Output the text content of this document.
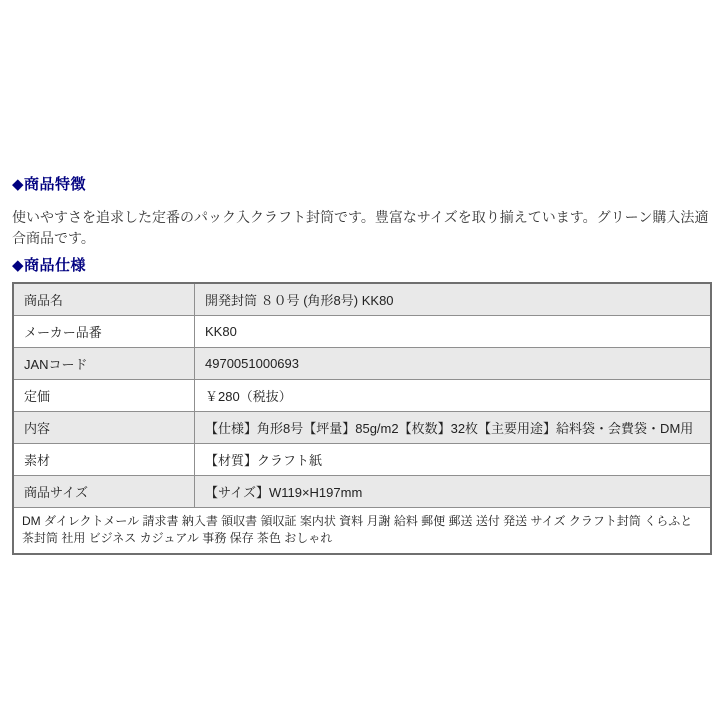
◆商品特徴

使いやすさを追求した定番のパック入クラフト封筒です。豊富なサイズを取り揃えています。グリーン購入法適合商品です。

◆商品仕様
商品名	開発封筒 ８０号 (角形8号) KK80
メーカー品番	KK80
JANコード	4970051000693
定価	￥280（税抜）
内容	【仕様】角形8号【坪量】85g/m2【枚数】32枚【主要用途】給料袋・会費袋・DM用
素材	【材質】クラフト紙
商品サイズ	【サイズ】W119×H197mm
DM ダイレクトメール 請求書 納入書 領収書 領収証 案内状 資料 月謝 給料 郵便 郵送 送付 発送 サイズ クラフト封筒 くらふと 茶封筒 社用 ビジネス カジュアル 事務 保存 茶色 おしゃれ	
